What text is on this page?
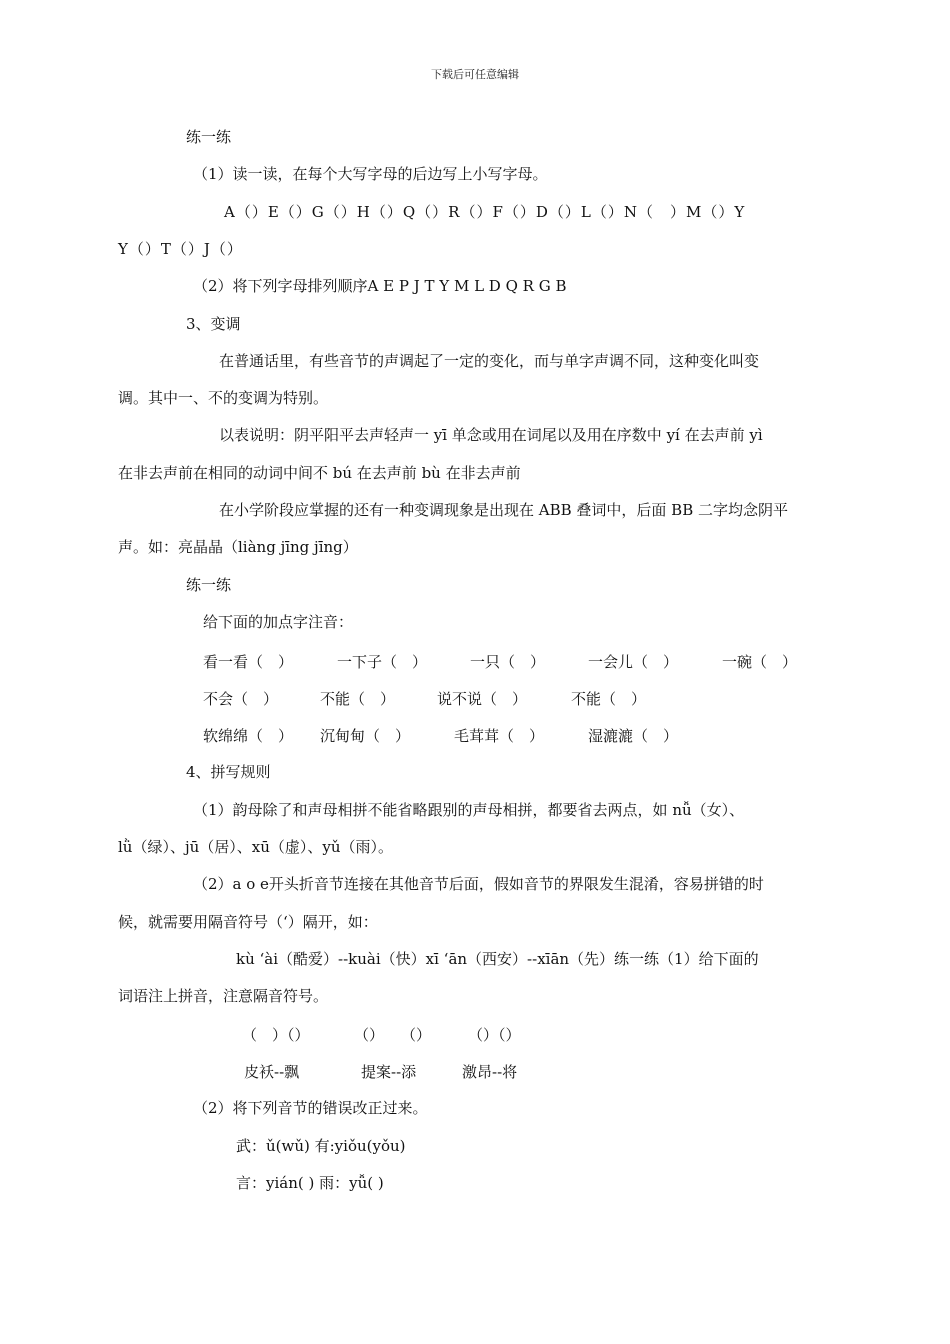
下载后可任意编辑
练一练
（1）读一读，在每个大写字母的后边写上小写字母。
A（）E（）G（）H（）Q（）R（）F（）D（）L（）N（　）M（）Y
Y（）T（）J（）
（2）将下列字母排列顺序A E P J T Y M L D Q R G B
3、变调
在普通话里，有些音节的声调起了一定的变化，而与单字声调不同，这种变化叫变
调。其中一、不的变调为特别。
以表说明：阴平阳平去声轻声一 yī 单念或用在词尾以及用在序数中 yí 在去声前 yì
在非去声前在相同的动词中间不 bú 在去声前 bù 在非去声前
在小学阶段应掌握的还有一种变调现象是出现在 ABB 叠词中，后面 BB 二字均念阴平
声。如：亮晶晶（liàng jīng jīng）
练一练
给下面的加点字注音：
看一看（　）	一下子（　）	一只（　）	一会儿（　）	一碗（　）
不会（　）	不能（　）	说不说（　）	不能（　）
软绵绵（　） 沉甸甸（　）	毛茸茸（　）	湿漉漉（　）
4、拼写规则
（1）韵母除了和声母相拼不能省略跟别的声母相拼，都要省去两点，如 nǚ（女）、
lǜ（绿）、jū（居）、xū（虚）、yǔ（雨）。
（2）a o e开头折音节连接在其他音节后面，假如音节的界限发生混淆，容易拼错的时
候，就需要用隔音符号（‘）隔开，如：
kù ‘ài（酷爱）--kuài（快）xī ‘ān（西安）--xīān（先）练一练（1）给下面的
词语注上拼音，注意隔音符号。
（　）（）	（） （） （）（）
皮袄--飘	提案--添	激昂--将
（2）将下列音节的错误改正过来。
武：ǔ(wǔ) 有:yiǒu(yǒu)
言：yián( ) 雨：yǚ( )
